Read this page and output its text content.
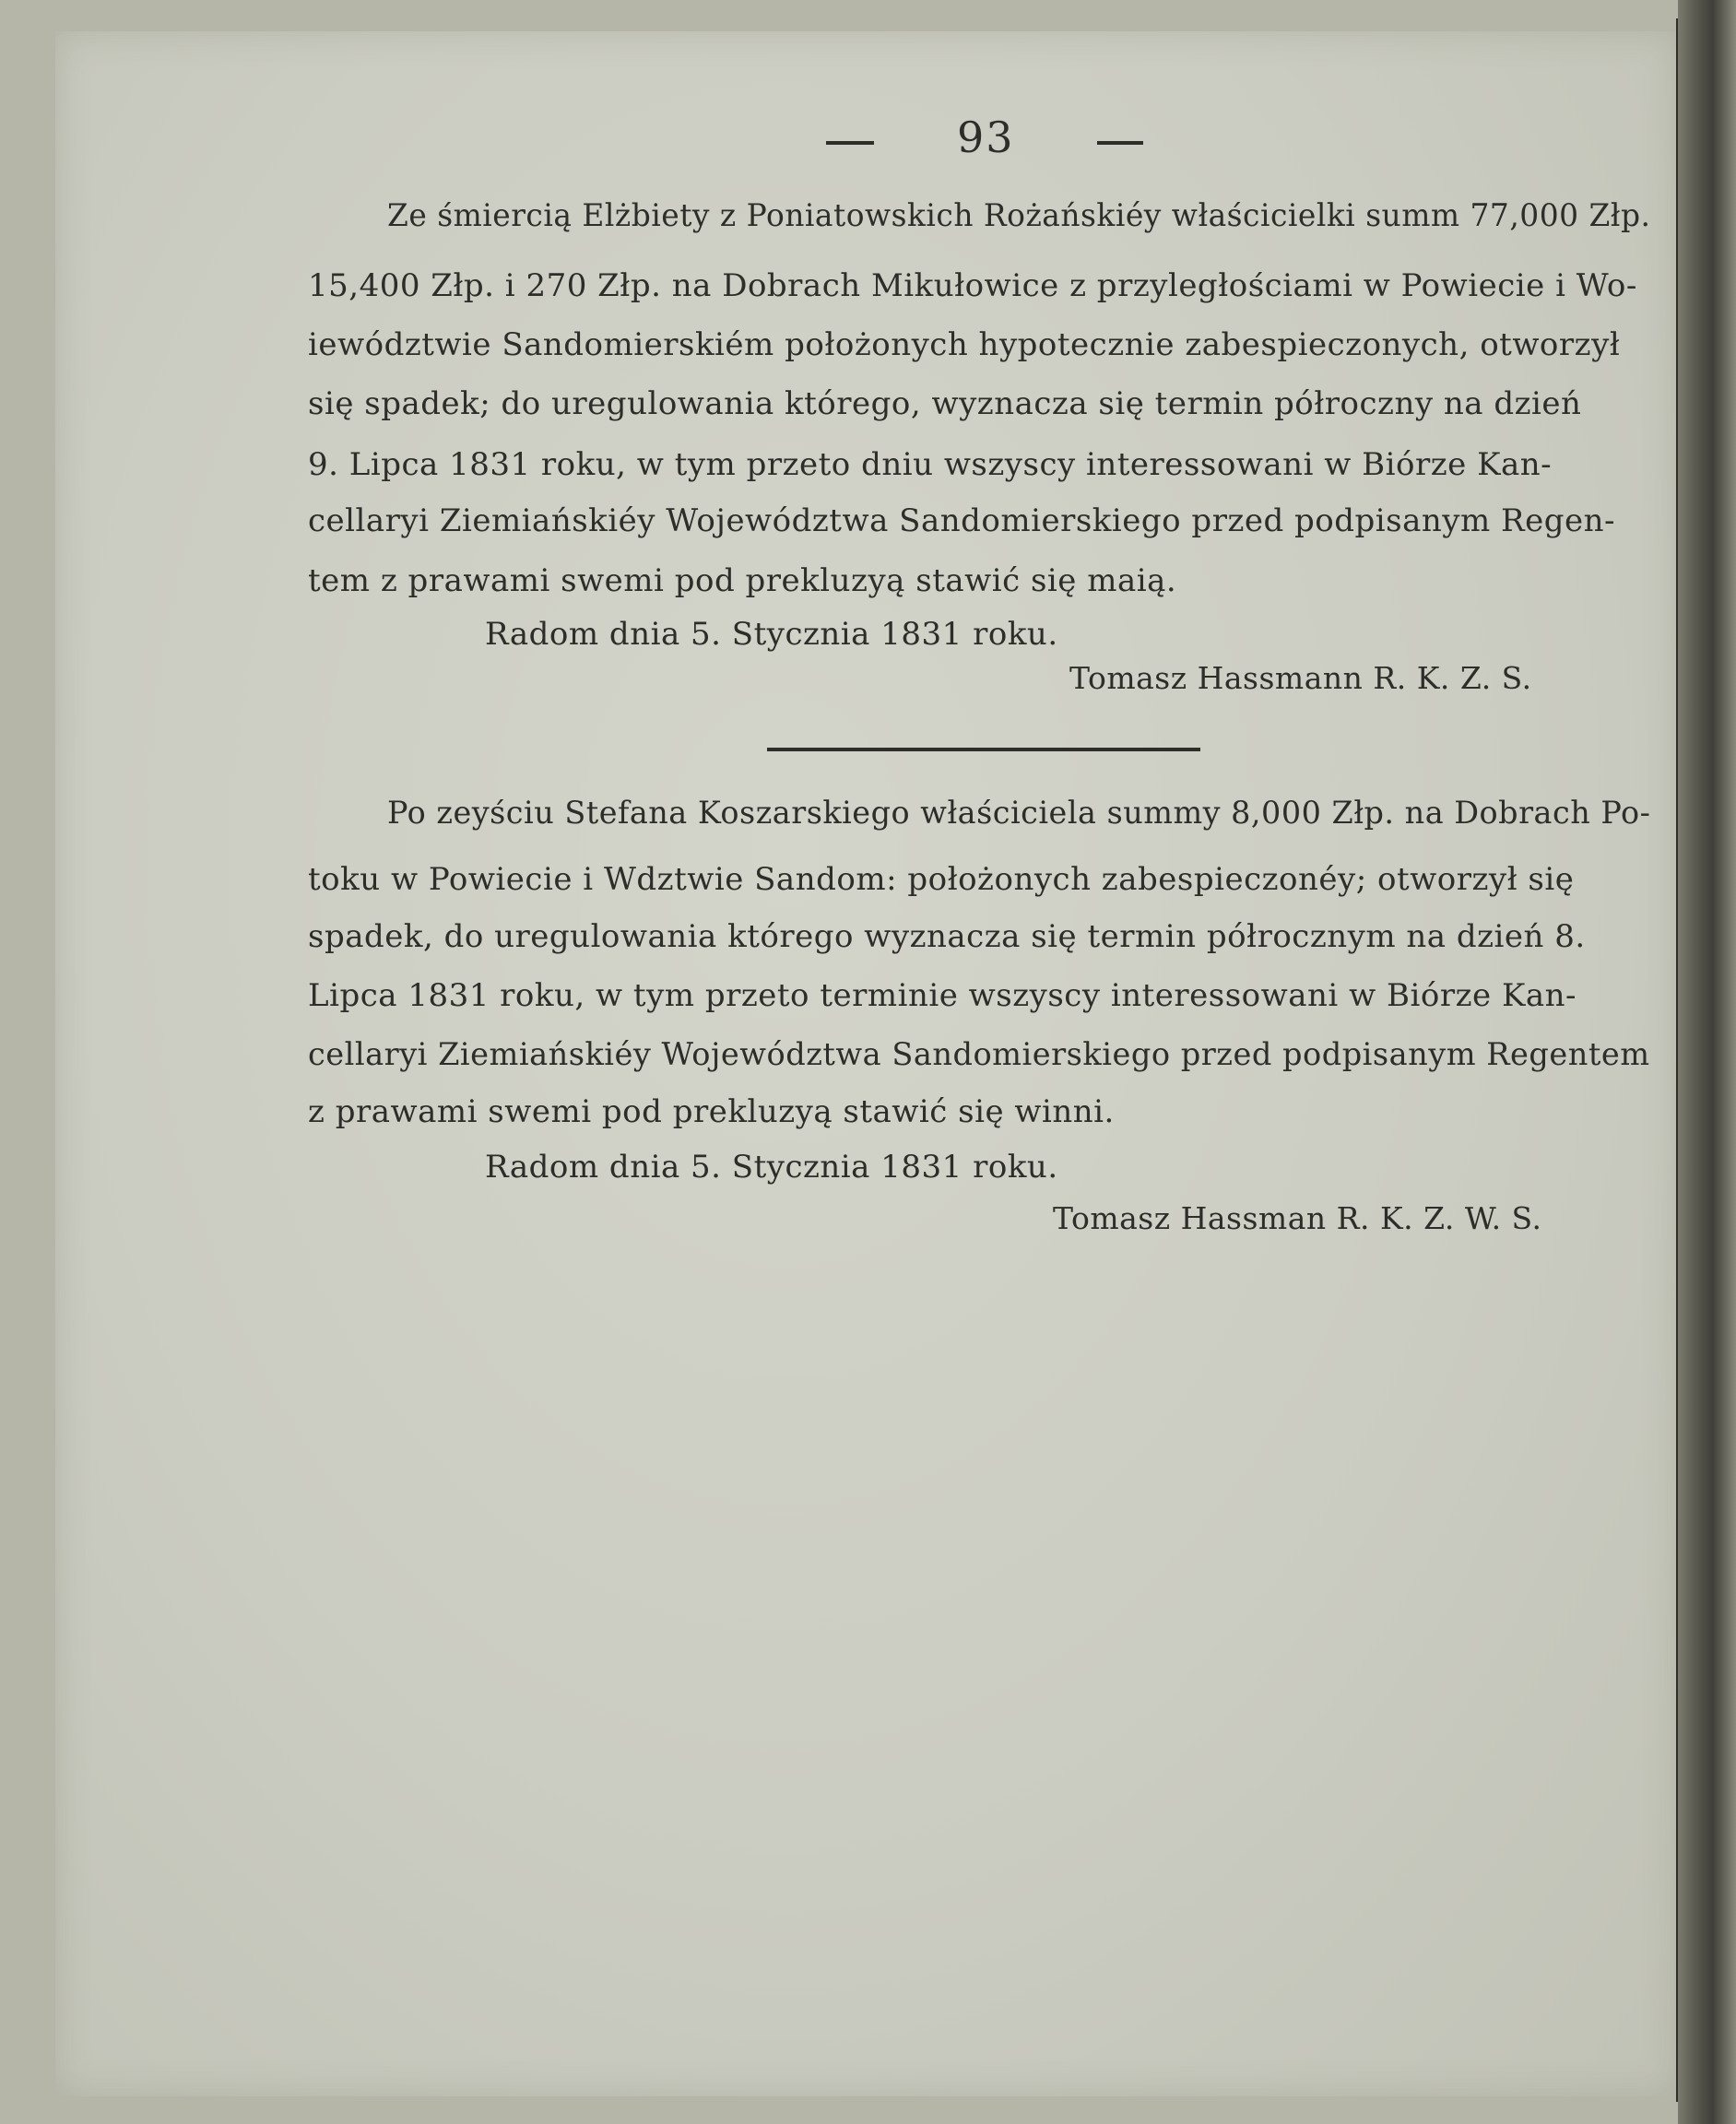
93
Ze śmiercią Elżbiety z Poniatowskich Rożańskiéy właścicielki summ 77,000 Złp.
15,400 Złp. i 270 Złp. na Dobrach Mikułowice z przyległościami w Powiecie i Wo-
iewództwie Sandomierskiém położonych hypotecznie zabespieczonych, otworzył
się spadek; do uregulowania którego, wyznacza się termin półroczny na dzień
9. Lipca 1831 roku, w tym przeto dniu wszyscy interessowani w Biórze Kan-
cellaryi Ziemiańskiéy Województwa Sandomierskiego przed podpisanym Regen-
tem z prawami swemi pod prekluzyą stawić się maią.
Radom dnia 5. Stycznia 1831 roku.
Tomasz Hassmann R. K. Z. S.
Po zeyściu Stefana Koszarskiego właściciela summy 8,000 Złp. na Dobrach Po-
toku w Powiecie i Wdztwie Sandom: położonych zabespieczonéy; otworzył się
spadek, do uregulowania którego wyznacza się termin półrocznym na dzień 8.
Lipca 1831 roku, w tym przeto terminie wszyscy interessowani w Biórze Kan-
cellaryi Ziemiańskiéy Województwa Sandomierskiego przed podpisanym Regentem
z prawami swemi pod prekluzyą stawić się winni.
Radom dnia 5. Stycznia 1831 roku.
Tomasz Hassman R. K. Z. W. S.
